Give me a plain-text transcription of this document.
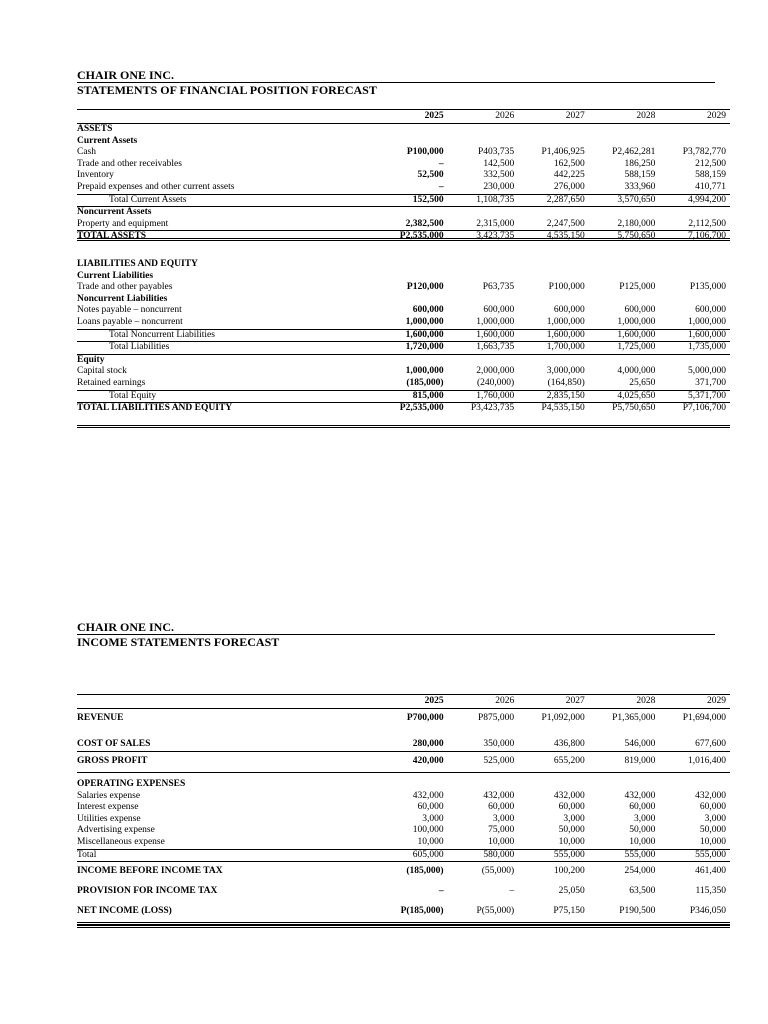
CHAIR ONE INC.
STATEMENTS OF FINANCIAL POSITION FORECAST
	2025	2026	2027	2028	2029
ASSETS					
Current Assets					
Cash	P100,000	P403,735	P1,406,925	P2,462,281	P3,782,770
Trade and other receivables	–	142,500	162,500	186,250	212,500
Inventory	52,500	332,500	442,225	588,159	588,159
Prepaid expenses and other current assets	–	230,000	276,000	333,960	410,771
Total Current Assets	152,500	1,108,735	2,287,650	3,570,650	4,994,200
Noncurrent Assets					
Property and equipment	2,382,500	2,315,000	2,247,500	2,180,000	2,112,500
TOTAL ASSETS	P2,535,000	3,423,735	4,535,150	5,750,650	7,106,700
LIABILITIES AND EQUITY					
Current Liabilities					
Trade and other payables	P120,000	P63,735	P100,000	P125,000	P135,000
Noncurrent Liabilities					
Notes payable – noncurrent	600,000	600,000	600,000	600,000	600,000
Loans payable – noncurrent	1,000,000	1,000,000	1,000,000	1,000,000	1,000,000
Total Noncurrent Liabilities	1,600,000	1,600,000	1,600,000	1,600,000	1,600,000
Total Liabilities	1,720,000	1,663,735	1,700,000	1,725,000	1,735,000
Equity					
Capital stock	1,000,000	2,000,000	3,000,000	4,000,000	5,000,000
Retained earnings	(185,000)	(240,000)	(164,850)	25,650	371,700
Total Equity	815,000	1,760,000	2,835,150	4,025,650	5,371,700
TOTAL LIABILITIES AND EQUITY	P2,535,000	P3,423,735	P4,535,150	P5,750,650	P7,106,700
CHAIR ONE INC.
INCOME STATEMENTS FORECAST
	2025	2026	2027	2028	2029
REVENUE	P700,000	P875,000	P1,092,000	P1,365,000	P1,694,000

COST OF SALES	280,000	350,000	436,800	546,000	677,600
GROSS PROFIT	420,000	525,000	655,200	819,000	1,016,400

OPERATING EXPENSES					
Salaries expense	432,000	432,000	432,000	432,000	432,000
Interest expense	60,000	60,000	60,000	60,000	60,000
Utilities expense	3,000	3,000	3,000	3,000	3,000
Advertising expense	100,000	75,000	50,000	50,000	50,000
Miscellaneous expense	10,000	10,000	10,000	10,000	10,000
Total	605,000	580,000	555,000	555,000	555,000
INCOME BEFORE INCOME TAX	(185,000)	(55,000)	100,200	254,000	461,400
PROVISION FOR INCOME TAX	–	–	25,050	63,500	115,350
NET INCOME (LOSS)	P(185,000)	P(55,000)	P75,150	P190,500	P346,050
